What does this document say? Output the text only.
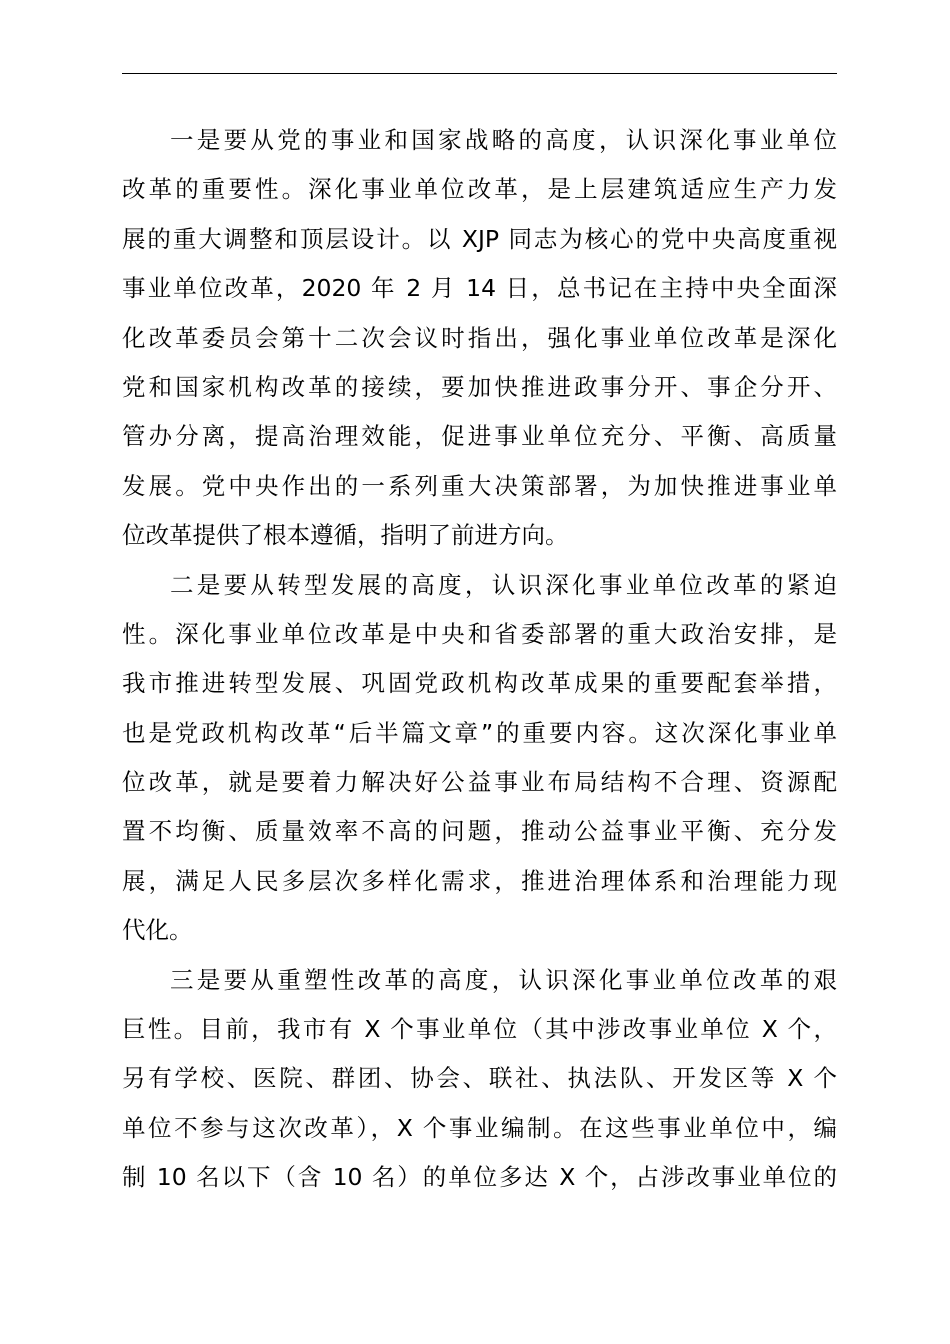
一是要从党的事业和国家战略的高度，认识深化事业单位
改革的重要性。深化事业单位改革，是上层建筑适应生产力发
展的重大调整和顶层设计。以 XJP 同志为核心的党中央高度重视
事业单位改革，2020 年 2 月 14 日，总书记在主持中央全面深
化改革委员会第十二次会议时指出，强化事业单位改革是深化
党和国家机构改革的接续，要加快推进政事分开、事企分开、
管办分离，提高治理效能，促进事业单位充分、平衡、高质量
发展。党中央作出的一系列重大决策部署，为加快推进事业单
位改革提供了根本遵循，指明了前进方向。
二是要从转型发展的高度，认识深化事业单位改革的紧迫
性。深化事业单位改革是中央和省委部署的重大政治安排，是
我市推进转型发展、巩固党政机构改革成果的重要配套举措，
也是党政机构改革“后半篇文章”的重要内容。这次深化事业单
位改革，就是要着力解决好公益事业布局结构不合理、资源配
置不均衡、质量效率不高的问题，推动公益事业平衡、充分发
展，满足人民多层次多样化需求，推进治理体系和治理能力现
代化。
三是要从重塑性改革的高度，认识深化事业单位改革的艰
巨性。目前，我市有 X 个事业单位（其中涉改事业单位 X 个，
另有学校、医院、群团、协会、联社、执法队、开发区等 X 个
单位不参与这次改革），X 个事业编制。在这些事业单位中，编
制 10 名以下（含 10 名）的单位多达 X 个，占涉改事业单位的
